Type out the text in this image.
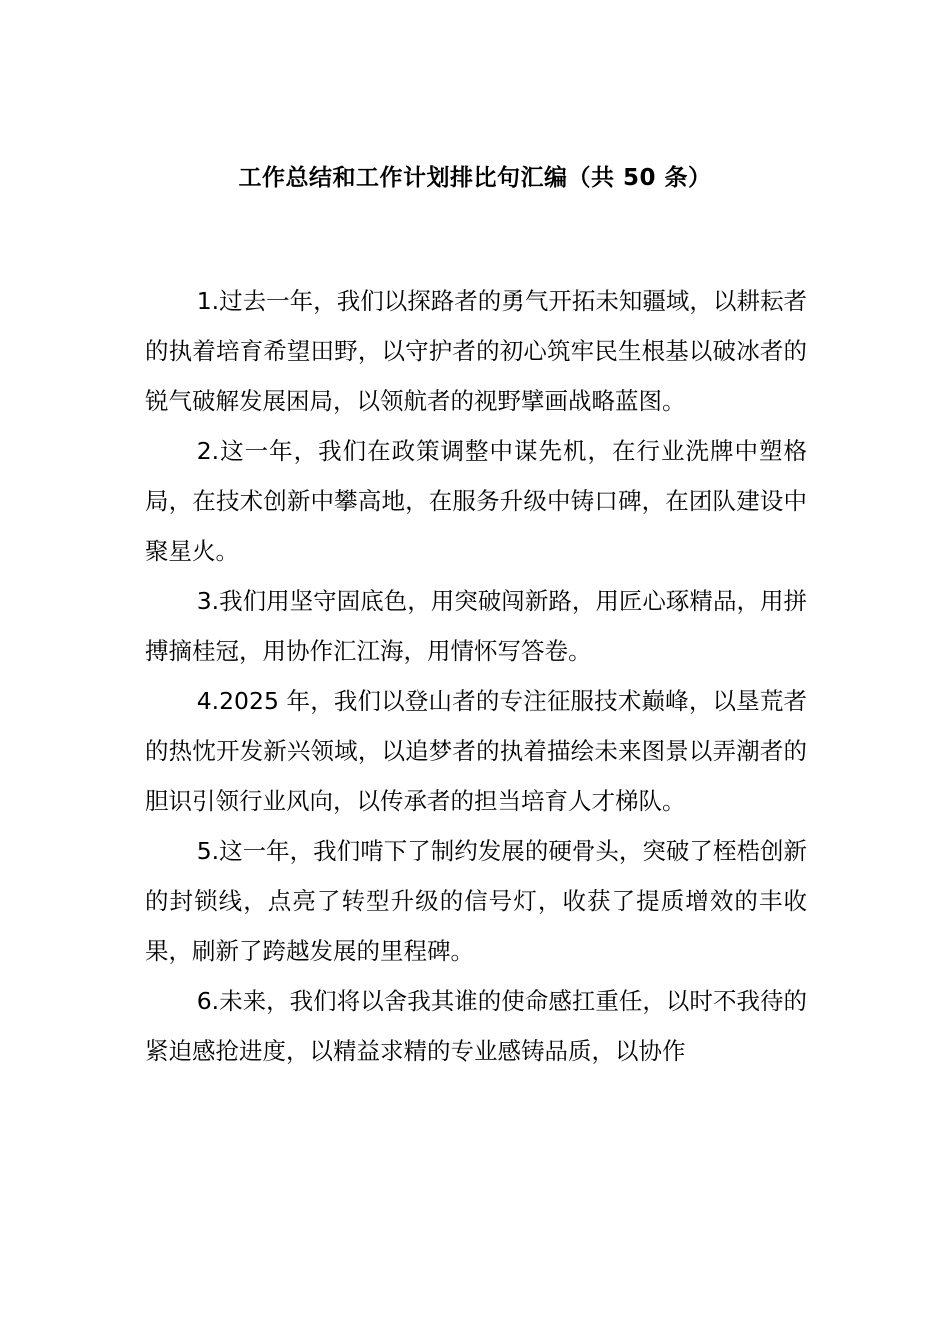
工作总结和工作计划排比句汇编（共 50 条）

1.过去一年，我们以探路者的勇气开拓未知疆域，以耕耘者的执着培育希望田野，以守护者的初心筑牢民生根基以破冰者的锐气破解发展困局，以领航者的视野擘画战略蓝图。

2.这一年，我们在政策调整中谋先机，在行业洗牌中塑格局，在技术创新中攀高地，在服务升级中铸口碑，在团队建设中聚星火。

3.我们用坚守固底色，用突破闯新路，用匠心琢精品，用拼搏摘桂冠，用协作汇江海，用情怀写答卷。

4.2025 年，我们以登山者的专注征服技术巅峰，以垦荒者的热忱开发新兴领域，以追梦者的执着描绘未来图景以弄潮者的胆识引领行业风向，以传承者的担当培育人才梯队。

5.这一年，我们啃下了制约发展的硬骨头，突破了桎梏创新的封锁线，点亮了转型升级的信号灯，收获了提质增效的丰收果，刷新了跨越发展的里程碑。

6.未来，我们将以舍我其谁的使命感扛重任，以时不我待的紧迫感抢进度，以精益求精的专业感铸品质，以协作
